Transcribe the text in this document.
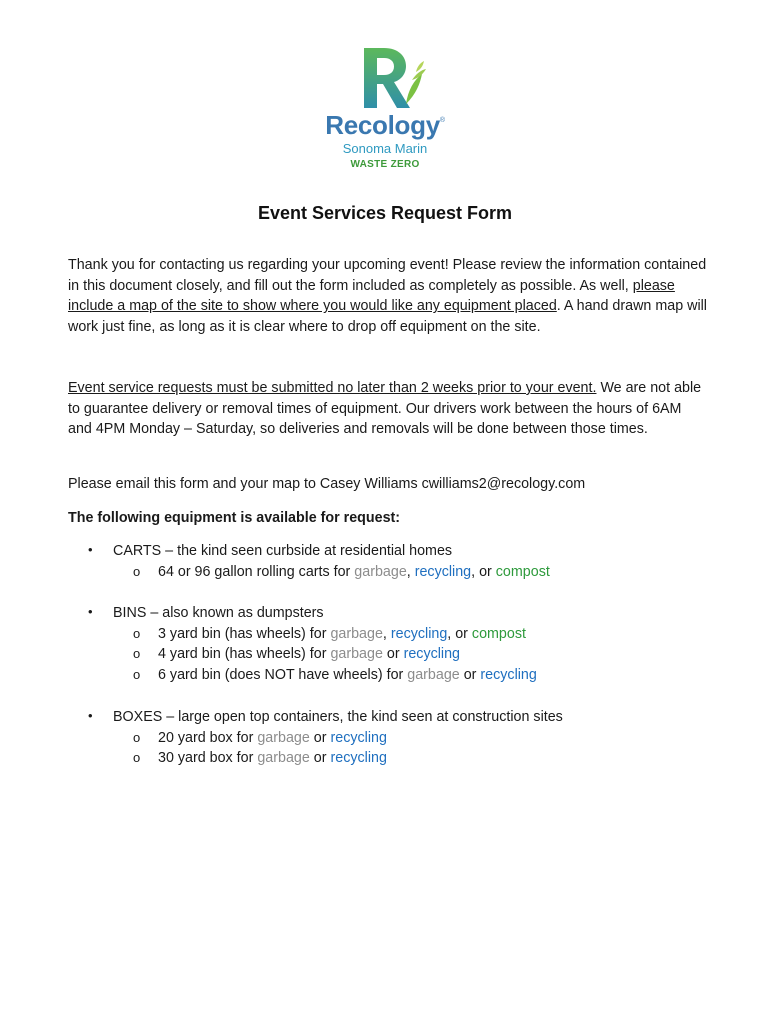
Recology®
Sonoma Marin
WASTE ZERO
Event Services Request Form
Thank you for contacting us regarding your upcoming event! Please review the information contained in this document closely, and fill out the form included as completely as possible. As well, please include a map of the site to show where you would like any equipment placed. A hand drawn map will work just fine, as long as it is clear where to drop off equipment on the site.
Event service requests must be submitted no later than 2 weeks prior to your event. We are not able to guarantee delivery or removal times of equipment. Our drivers work between the hours of 6AM and 4PM Monday – Saturday, so deliveries and removals will be done between those times.
Please email this form and your map to Casey Williams cwilliams2@recology.com
The following equipment is available for request:
• CARTS – the kind seen curbside at residential homes
o 64 or 96 gallon rolling carts for garbage, recycling, or compost
• BINS – also known as dumpsters
o 3 yard bin (has wheels) for garbage, recycling, or compost
o 4 yard bin (has wheels) for garbage or recycling
o 6 yard bin (does NOT have wheels) for garbage or recycling
• BOXES – large open top containers, the kind seen at construction sites
o 20 yard box for garbage or recycling
o 30 yard box for garbage or recycling
